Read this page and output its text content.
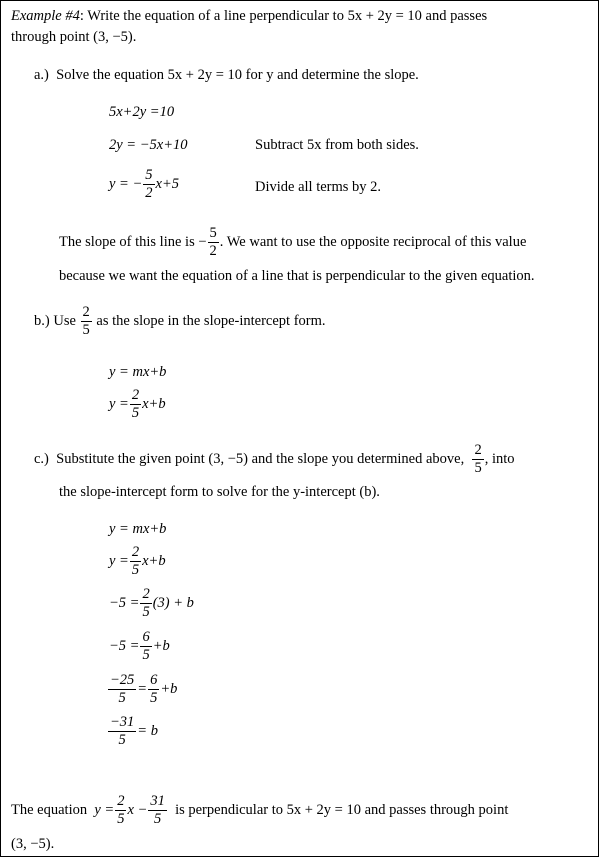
Example #4: Write the equation of a line perpendicular to 5x + 2y = 10 and passes
through point (3, −5).
a.) Solve the equation 5x + 2y = 10 for y and determine the slope.
5x+2y =10
2y = −5x+10	Subtract 5x from both sides.
y = − $\frac{5}{2} x+5$	Divide all terms by 2.
The slope of this line is
− $\frac{5}{2}$ . We want to use the opposite reciprocal of this value
because we want the equation of a line that is perpendicular to the given equation.
b.)
Use
$\frac{2}{5}$
as the slope in the slope-intercept form.
y = mx+b
$y = \frac{2}{5} x+b$
c.)
Substitute the given point (3, −5) and the slope you determined above,
$\frac{2}{5}$ , into
the slope-intercept form to solve for the y-intercept (b).
y = mx+b
$y = \frac{2}{5} x+b$
$-5 = \frac{2}{5} (3) + b$
$-5 = \frac{6}{5} +b$
$\frac{-25}{5} = \frac{6}{5} +b$
$\frac{-31}{5} = b$
The equation
$y = \frac{2}{5}$ $x - \frac{31}{5}$
is perpendicular to 5x + 2y = 10 and passes through point
(3, −5).
